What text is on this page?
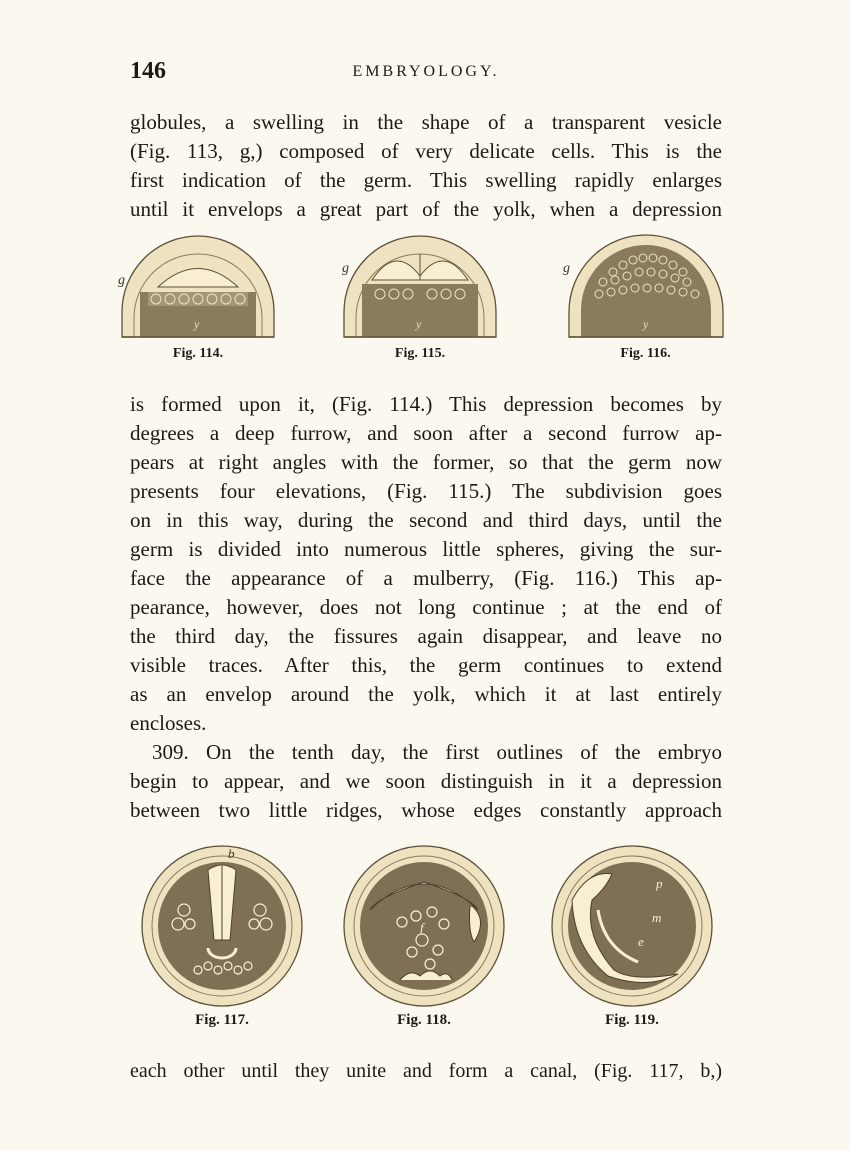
146	EMBRYOLOGY.

globules, a swelling in the shape of a transparent vesicle

(Fig. 113, g,) composed of very delicate cells. This is the

first indication of the germ. This swelling rapidly enlarges

until it envelops a great part of the yolk, when a depression

g
y
Fig. 114.
g
y
Fig. 115.
g
y
Fig. 116.

is formed upon it, (Fig. 114.) This depression becomes by

degrees a deep furrow, and soon after a second furrow ap-

pears at right angles with the former, so that the germ now

presents four elevations, (Fig. 115.) The subdivision goes

on in this way, during the second and third days, until the

germ is divided into numerous little spheres, giving the sur-

face the appearance of a mulberry, (Fig. 116.) This ap-

pearance, however, does not long continue ; at the end of

the third day, the fissures again disappear, and leave no

visible traces. After this, the germ continues to extend

as an envelop around the yolk, which it at last entirely

encloses.

309. On the tenth day, the first outlines of the embryo

begin to appear, and we soon distinguish in it a depression

between two little ridges, whose edges constantly approach

b
Fig. 117.
f
Fig. 118.
p
m
e
Fig. 119.

each other until they unite and form a canal, (Fig. 117, b,)
